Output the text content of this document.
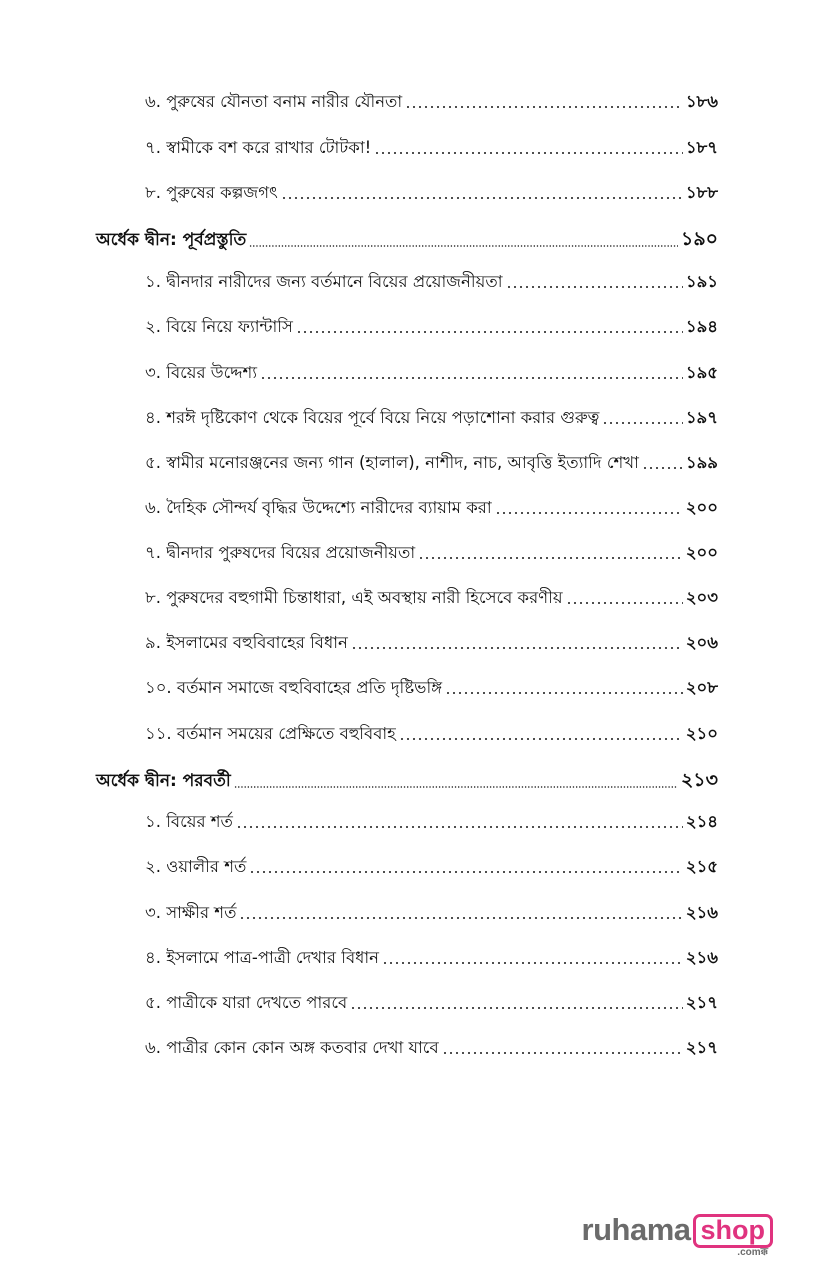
৬. পুরুষের যৌনতা বনাম নারীর যৌনতা	১৮৬
৭. স্বামীকে বশ করে রাখার টোটকা!	১৮৭
৮. পুরুষের কল্পজগৎ	১৮৮
অর্ধেক দ্বীন: পূর্বপ্রস্তুতি	১৯০
১. দ্বীনদার নারীদের জন্য বর্তমানে বিয়ের প্রয়োজনীয়তা	১৯১
২. বিয়ে নিয়ে ফ্যান্টাসি	১৯৪
৩. বিয়ের উদ্দেশ্য	১৯৫
৪. শরঈ দৃষ্টিকোণ থেকে বিয়ের পূর্বে বিয়ে নিয়ে পড়াশোনা করার গুরুত্ব	১৯৭
৫. স্বামীর মনোরঞ্জনের জন্য গান (হালাল), নাশীদ, নাচ, আবৃত্তি ইত্যাদি শেখা	১৯৯
৬. দৈহিক সৌন্দর্য বৃদ্ধির উদ্দেশ্যে নারীদের ব্যায়াম করা	২০০
৭. দ্বীনদার পুরুষদের বিয়ের প্রয়োজনীয়তা	২০০
৮. পুরুষদের বহুগামী চিন্তাধারা, এই অবস্থায় নারী হিসেবে করণীয়	২০৩
৯. ইসলামের বহুবিবাহের বিধান	২০৬
১০. বর্তমান সমাজে বহুবিবাহের প্রতি দৃষ্টিভঙ্গি	২০৮
১১. বর্তমান সময়ের প্রেক্ষিতে বহুবিবাহ	২১০
অর্ধেক দ্বীন: পরবর্তী	২১৩
১. বিয়ের শর্ত	২১৪
২. ওয়ালীর শর্ত	২১৫
৩. সাক্ষীর শর্ত	২১৬
৪. ইসলামে পাত্র-পাত্রী দেখার বিধান	২১৬
৫. পাত্রীকে যারা দেখতে পারবে	২১৭
৬. পাত্রীর কোন কোন অঙ্গ কতবার দেখা যাবে	২১৭
ruhama shop
.comক্ক
